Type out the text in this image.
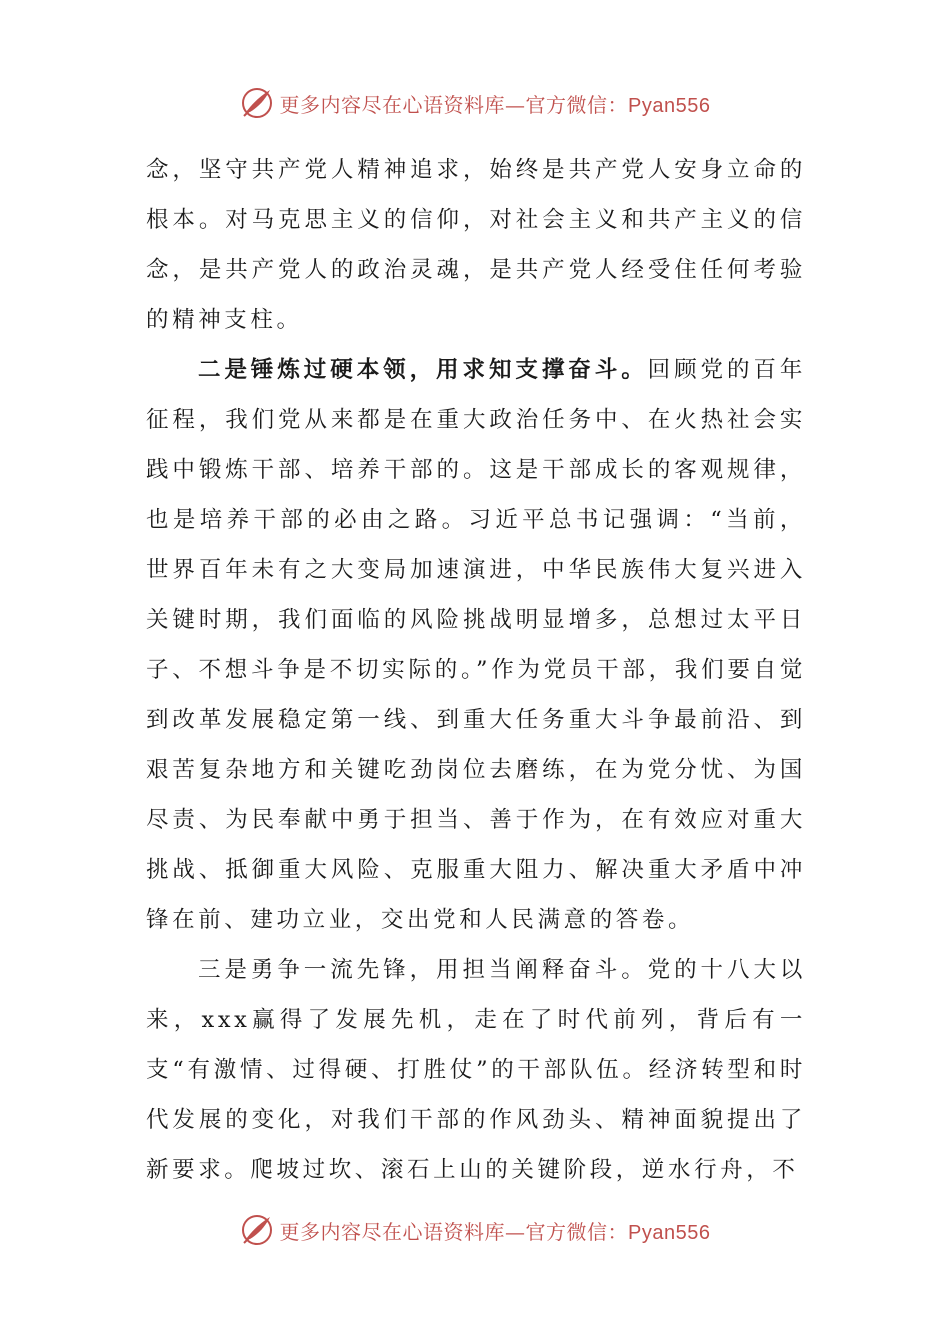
更多内容尽在心语资料库—官方微信：Pyan556

念，坚守共产党人精神追求，始终是共产党人安身立命的根本。对马克思主义的信仰，对社会主义和共产主义的信念，是共产党人的政治灵魂，是共产党人经受住任何考验的精神支柱。

二是锤炼过硬本领，用求知支撑奋斗。回顾党的百年征程，我们党从来都是在重大政治任务中、在火热社会实践中锻炼干部、培养干部的。这是干部成长的客观规律，也是培养干部的必由之路。习近平总书记强调：“当前，世界百年未有之大变局加速演进，中华民族伟大复兴进入关键时期，我们面临的风险挑战明显增多，总想过太平日子、不想斗争是不切实际的。”作为党员干部，我们要自觉到改革发展稳定第一线、到重大任务重大斗争最前沿、到艰苦复杂地方和关键吃劲岗位去磨练，在为党分忧、为国尽责、为民奉献中勇于担当、善于作为，在有效应对重大挑战、抵御重大风险、克服重大阻力、解决重大矛盾中冲锋在前、建功立业，交出党和人民满意的答卷。

三是勇争一流先锋，用担当阐释奋斗。党的十八大以来，xxx赢得了发展先机，走在了时代前列，背后有一支“有激情、过得硬、打胜仗”的干部队伍。经济转型和时代发展的变化，对我们干部的作风劲头、精神面貌提出了新要求。爬坡过坎、滚石上山的关键阶段，逆水行舟，不

更多内容尽在心语资料库—官方微信：Pyan556
